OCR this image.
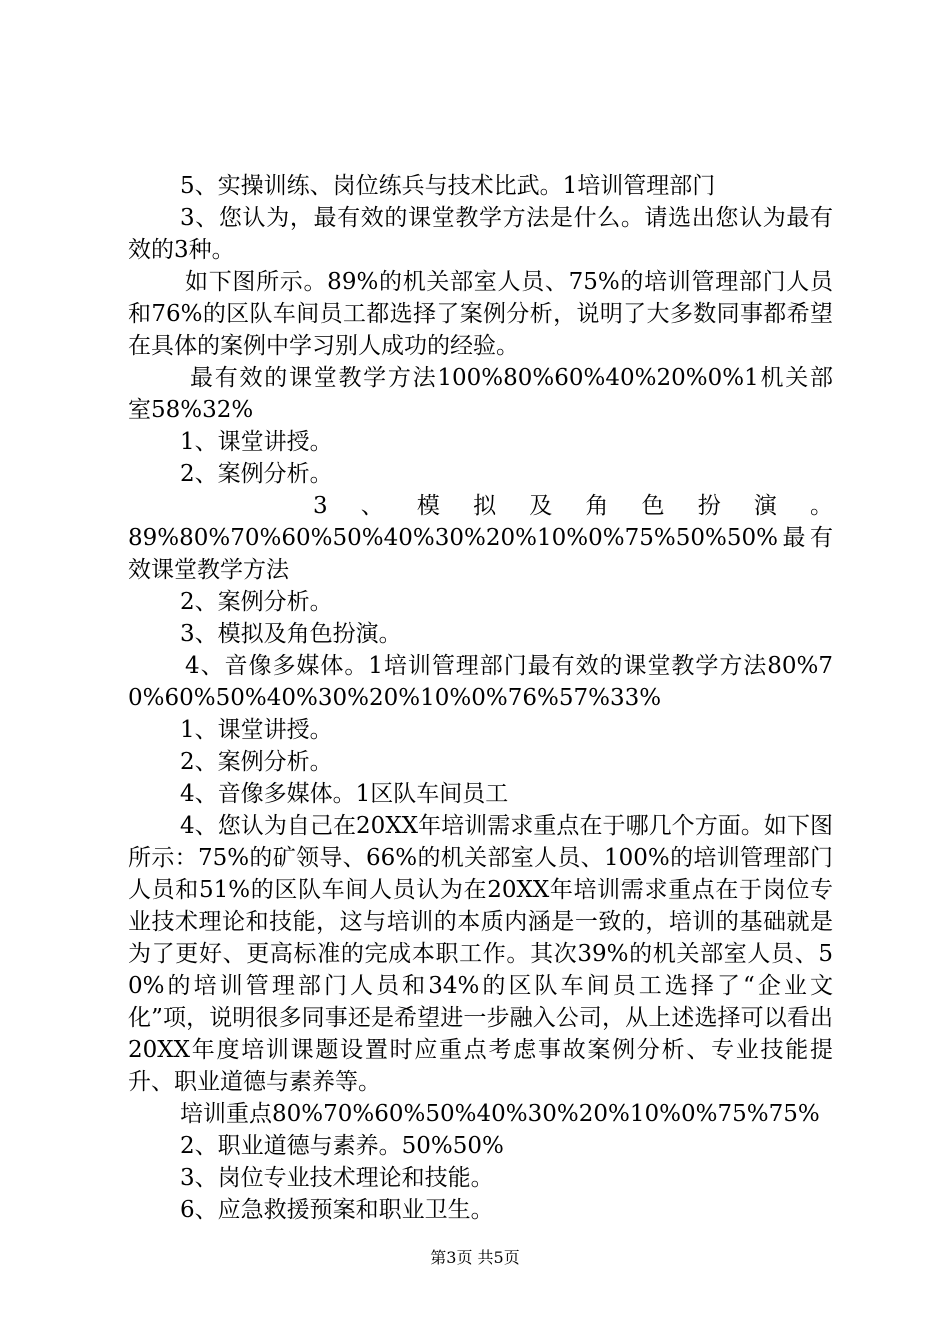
5、实操训练、岗位练兵与技术比武。1培训管理部门

3、您认为，最有效的课堂教学方法是什么。请选出您认为最有效的3种。

如下图所示。89%的机关部室人员、75%的培训管理部门人员和76%的区队车间员工都选择了案例分析，说明了大多数同事都希望在具体的案例中学习别人成功的经验。

最有效的课堂教学方法100%80%60%40%20%0%1机关部室58%32%

1、课堂讲授。

2、案例分析。

3、模拟及角色扮演。

89%80%70%60%50%40%30%20%10%0%75%50%50%最有效课堂教学方法

2、案例分析。

3、模拟及角色扮演。

4、音像多媒体。1培训管理部门最有效的课堂教学方法80%70%60%50%40%30%20%10%0%76%57%33%

1、课堂讲授。

2、案例分析。

4、音像多媒体。1区队车间员工

4、您认为自己在20XX年培训需求重点在于哪几个方面。如下图所示：75%的矿领导、66%的机关部室人员、100%的培训管理部门人员和51%的区队车间人员认为在20XX年培训需求重点在于岗位专业技术理论和技能，这与培训的本质内涵是一致的，培训的基础就是为了更好、更高标准的完成本职工作。其次39%的机关部室人员、50%的培训管理部门人员和34%的区队车间员工选择了“企业文化”项，说明很多同事还是希望进一步融入公司，从上述选择可以看出20XX年度培训课题设置时应重点考虑事故案例分析、专业技能提升、职业道德与素养等。

培训重点80%70%60%50%40%30%20%10%0%75%75%

2、职业道德与素养。50%50%

3、岗位专业技术理论和技能。

6、应急救援预案和职业卫生。

第3页 共5页
